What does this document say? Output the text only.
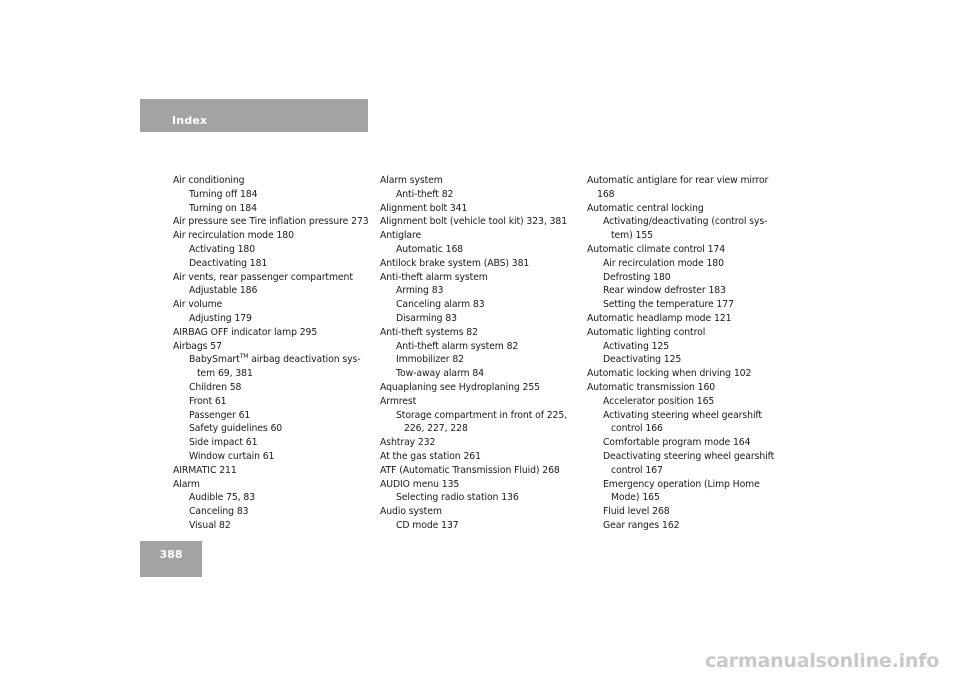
Index
Air conditioning
Turning off 184
Turning on 184
Air pressure see Tire inflation pressure 273
Air recirculation mode 180
Activating 180
Deactivating 181
Air vents, rear passenger compartment
Adjustable 186
Air volume
Adjusting 179
AIRBAG OFF indicator lamp 295
Airbags 57
BabySmart™ airbag deactivation sys-tem 69, 381
Children 58
Front 61
Passenger 61
Safety guidelines 60
Side impact 61
Window curtain 61
AIRMATIC 211
Alarm
Audible 75, 83
Canceling 83
Visual 82
Alarm system
Anti-theft 82
Alignment bolt 341
Alignment bolt (vehicle tool kit) 323, 381
Antiglare
Automatic 168
Antilock brake system (ABS) 381
Anti-theft alarm system
Arming 83
Canceling alarm 83
Disarming 83
Anti-theft systems 82
Anti-theft alarm system 82
Immobilizer 82
Tow-away alarm 84
Aquaplaning see Hydroplaning 255
Armrest
Storage compartment in front of 225, 226, 227, 228
Ashtray 232
At the gas station 261
ATF (Automatic Transmission Fluid) 268
AUDIO menu 135
Selecting radio station 136
Audio system
CD mode 137
Automatic antiglare for rear view mirror 168
Automatic central locking
Activating/deactivating (control sys-tem) 155
Automatic climate control 174
Air recirculation mode 180
Defrosting 180
Rear window defroster 183
Setting the temperature 177
Automatic headlamp mode 121
Automatic lighting control
Activating 125
Deactivating 125
Automatic locking when driving 102
Automatic transmission 160
Accelerator position 165
Activating steering wheel gearshift control 166
Comfortable program mode 164
Deactivating steering wheel gearshift control 167
Emergency operation (Limp Home Mode) 165
Fluid level 268
Gear ranges 162
388
carmanualsonline.info
